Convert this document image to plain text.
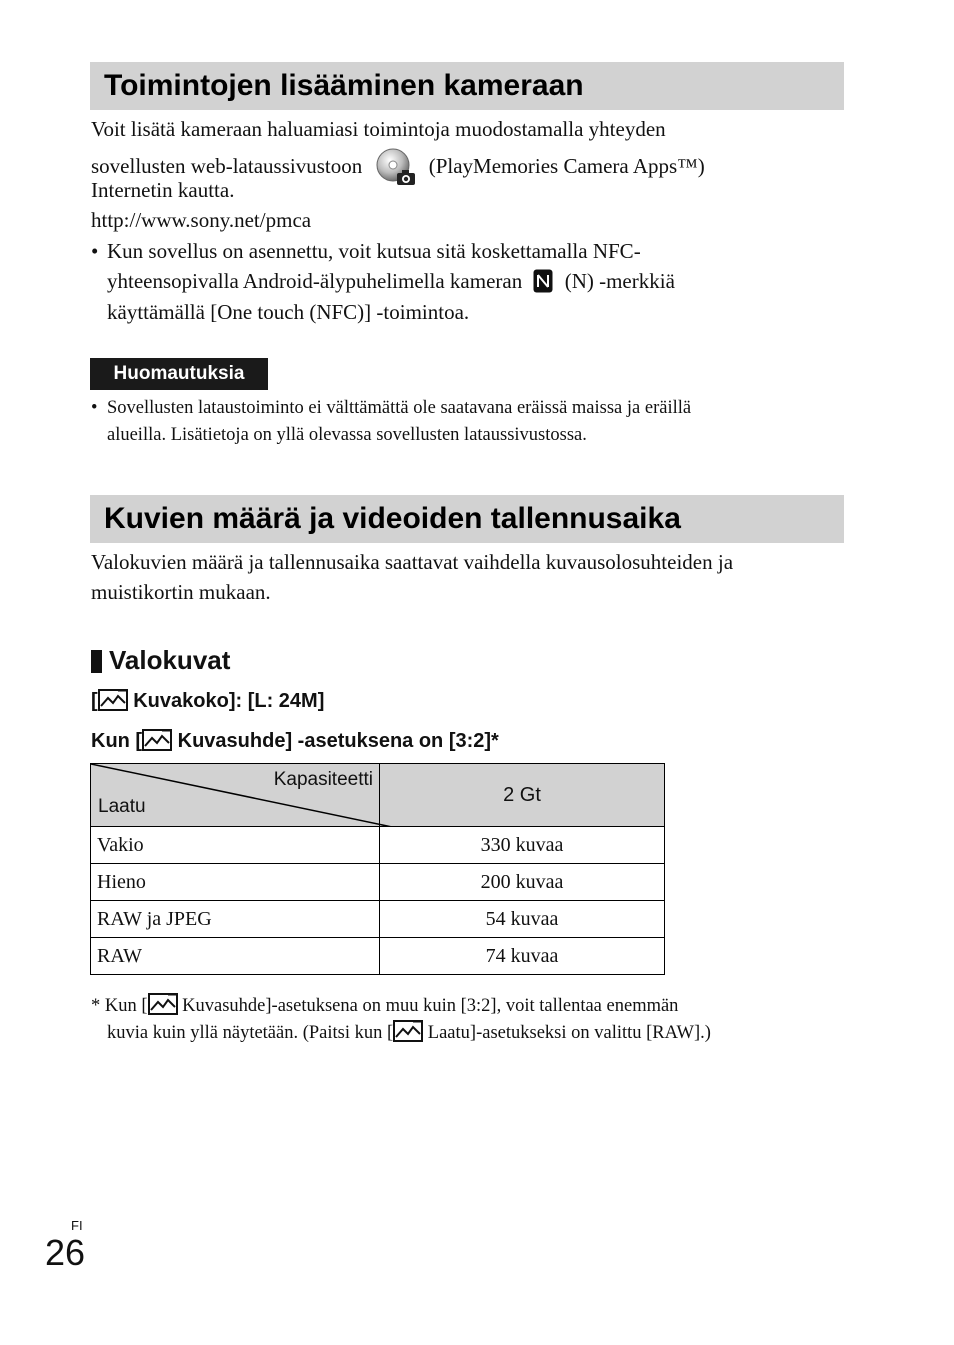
Toimintojen lisääminen kameraan
Voit lisätä kameraan haluamiasi toimintoja muodostamalla yhteyden
sovellusten web-lataussivustoon	(PlayMemories Camera Apps™)
Internetin kautta.
http://www.sony.net/pmca
• Kun sovellus on asennettu, voit kutsua sitä koskettamalla NFC-
yhteensopivalla Android-älypuhelimella kameran (N) -merkkiä
käyttämällä [One touch (NFC)] -toimintoa.
Huomautuksia
• Sovellusten lataustoiminto ei välttämättä ole saatavana eräissä maissa ja eräillä
alueilla. Lisätietoja on yllä olevassa sovellusten lataussivustossa.
Kuvien määrä ja videoiden tallennusaika
Valokuvien määrä ja tallennusaika saattavat vaihdella kuvausolosuhteiden ja
muistikortin mukaan.
Valokuvat
[ Kuvakoko]: [L: 24M]
Kun [ Kuvasuhde] -asetuksena on [3:2]*
Kapasiteetti
Laatu	2 Gt
Vakio	330 kuvaa
Hieno	200 kuvaa
RAW ja JPEG	54 kuvaa
RAW	74 kuvaa
* Kun [ Kuvasuhde]-asetuksena on muu kuin [3:2], voit tallentaa enemmän
kuvia kuin yllä näytetään. (Paitsi kun [ Laatu]-asetukseksi on valittu [RAW].)
FI
26
